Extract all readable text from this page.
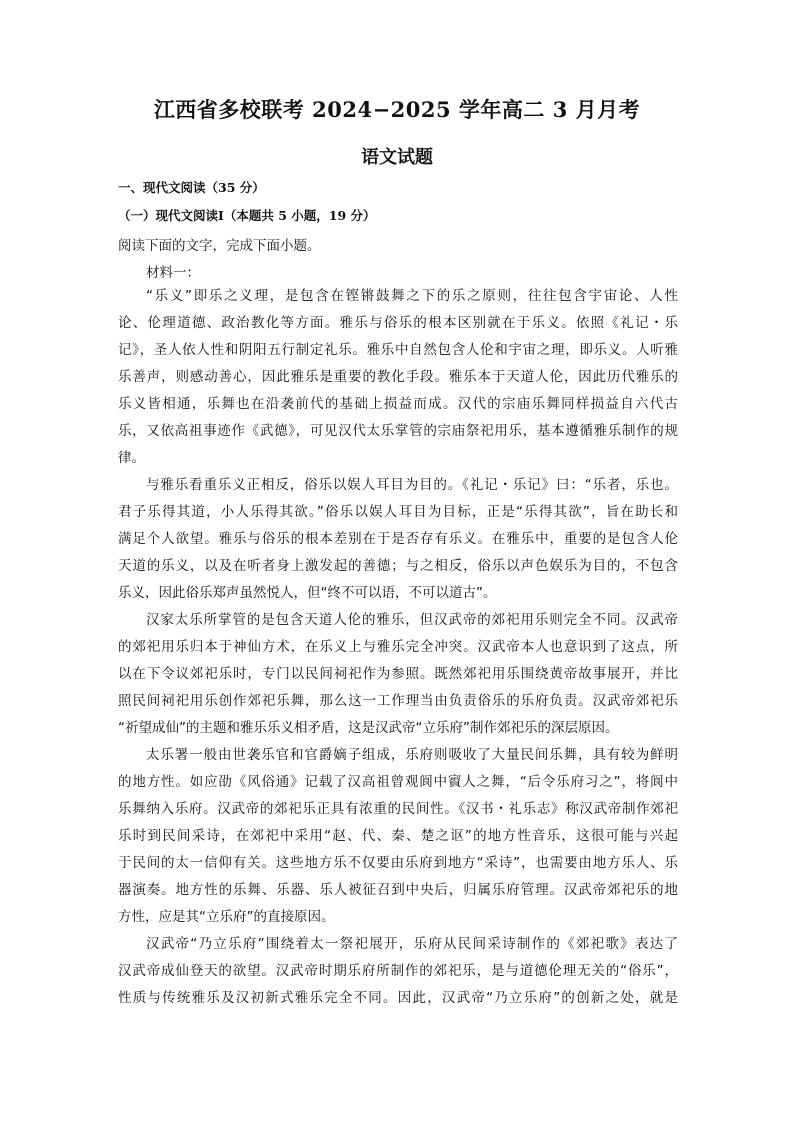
江西省多校联考 2024−2025 学年高二 3 月月考
语文试题
一、现代文阅读（35 分）
（一）现代文阅读Ⅰ（本题共 5 小题，19 分）
阅读下面的文字，完成下面小题。
材料一：
“乐义”即乐之义理，是包含在铿锵鼓舞之下的乐之原则，往往包含宇宙论、人性
论、伦理道德、政治教化等方面。雅乐与俗乐的根本区别就在于乐义。依照《礼记・乐
记》，圣人依人性和阴阳五行制定礼乐。雅乐中自然包含人伦和宇宙之理，即乐义。人听雅
乐善声，则感动善心，因此雅乐是重要的教化手段。雅乐本于天道人伦，因此历代雅乐的
乐义皆相通，乐舞也在沿袭前代的基础上损益而成。汉代的宗庙乐舞同样损益自六代古
乐，又依高祖事迹作《武德》，可见汉代太乐掌管的宗庙祭祀用乐，基本遵循雅乐制作的规
律。
与雅乐看重乐义正相反，俗乐以娱人耳目为目的。《礼记・乐记》曰：“乐者，乐也。
君子乐得其道，小人乐得其欲。”俗乐以娱人耳目为目标，正是“乐得其欲”，旨在助长和
满足个人欲望。雅乐与俗乐的根本差别在于是否存有乐义。在雅乐中，重要的是包含人伦
天道的乐义，以及在听者身上激发起的善德；与之相反，俗乐以声色娱乐为目的，不包含
乐义，因此俗乐郑声虽然悦人，但“终不可以语，不可以道古”。
汉家太乐所掌管的是包含天道人伦的雅乐，但汉武帝的郊祀用乐则完全不同。汉武帝
的郊祀用乐归本于神仙方术，在乐义上与雅乐完全冲突。汉武帝本人也意识到了这点，所
以在下令议郊祀乐时，专门以民间祠祀作为参照。既然郊祀用乐围绕黄帝故事展开，并比
照民间祠祀用乐创作郊祀乐舞，那么这一工作理当由负责俗乐的乐府负责。汉武帝郊祀乐
“祈望成仙”的主题和雅乐乐义相矛盾，这是汉武帝“立乐府”制作郊祀乐的深层原因。
太乐署一般由世袭乐官和官爵嫡子组成，乐府则吸收了大量民间乐舞，具有较为鲜明
的地方性。如应劭《风俗通》记载了汉高祖曾观阆中賨人之舞，“后令乐府习之”，将阆中
乐舞纳入乐府。汉武帝的郊祀乐正具有浓重的民间性。《汉书・礼乐志》称汉武帝制作郊祀
乐时到民间采诗，在郊祀中采用“赵、代、秦、楚之讴”的地方性音乐，这很可能与兴起
于民间的太一信仰有关。这些地方乐不仅要由乐府到地方“采诗”，也需要由地方乐人、乐
器演奏。地方性的乐舞、乐器、乐人被征召到中央后，归属乐府管理。汉武帝郊祀乐的地
方性，应是其“立乐府”的直接原因。
汉武帝“乃立乐府”围绕着太一祭祀展开，乐府从民间采诗制作的《郊祀歌》表达了
汉武帝成仙登天的欲望。汉武帝时期乐府所制作的郊祀乐，是与道德伦理无关的“俗乐”，
性质与传统雅乐及汉初新式雅乐完全不同。因此，汉武帝“乃立乐府”的创新之处，就是
